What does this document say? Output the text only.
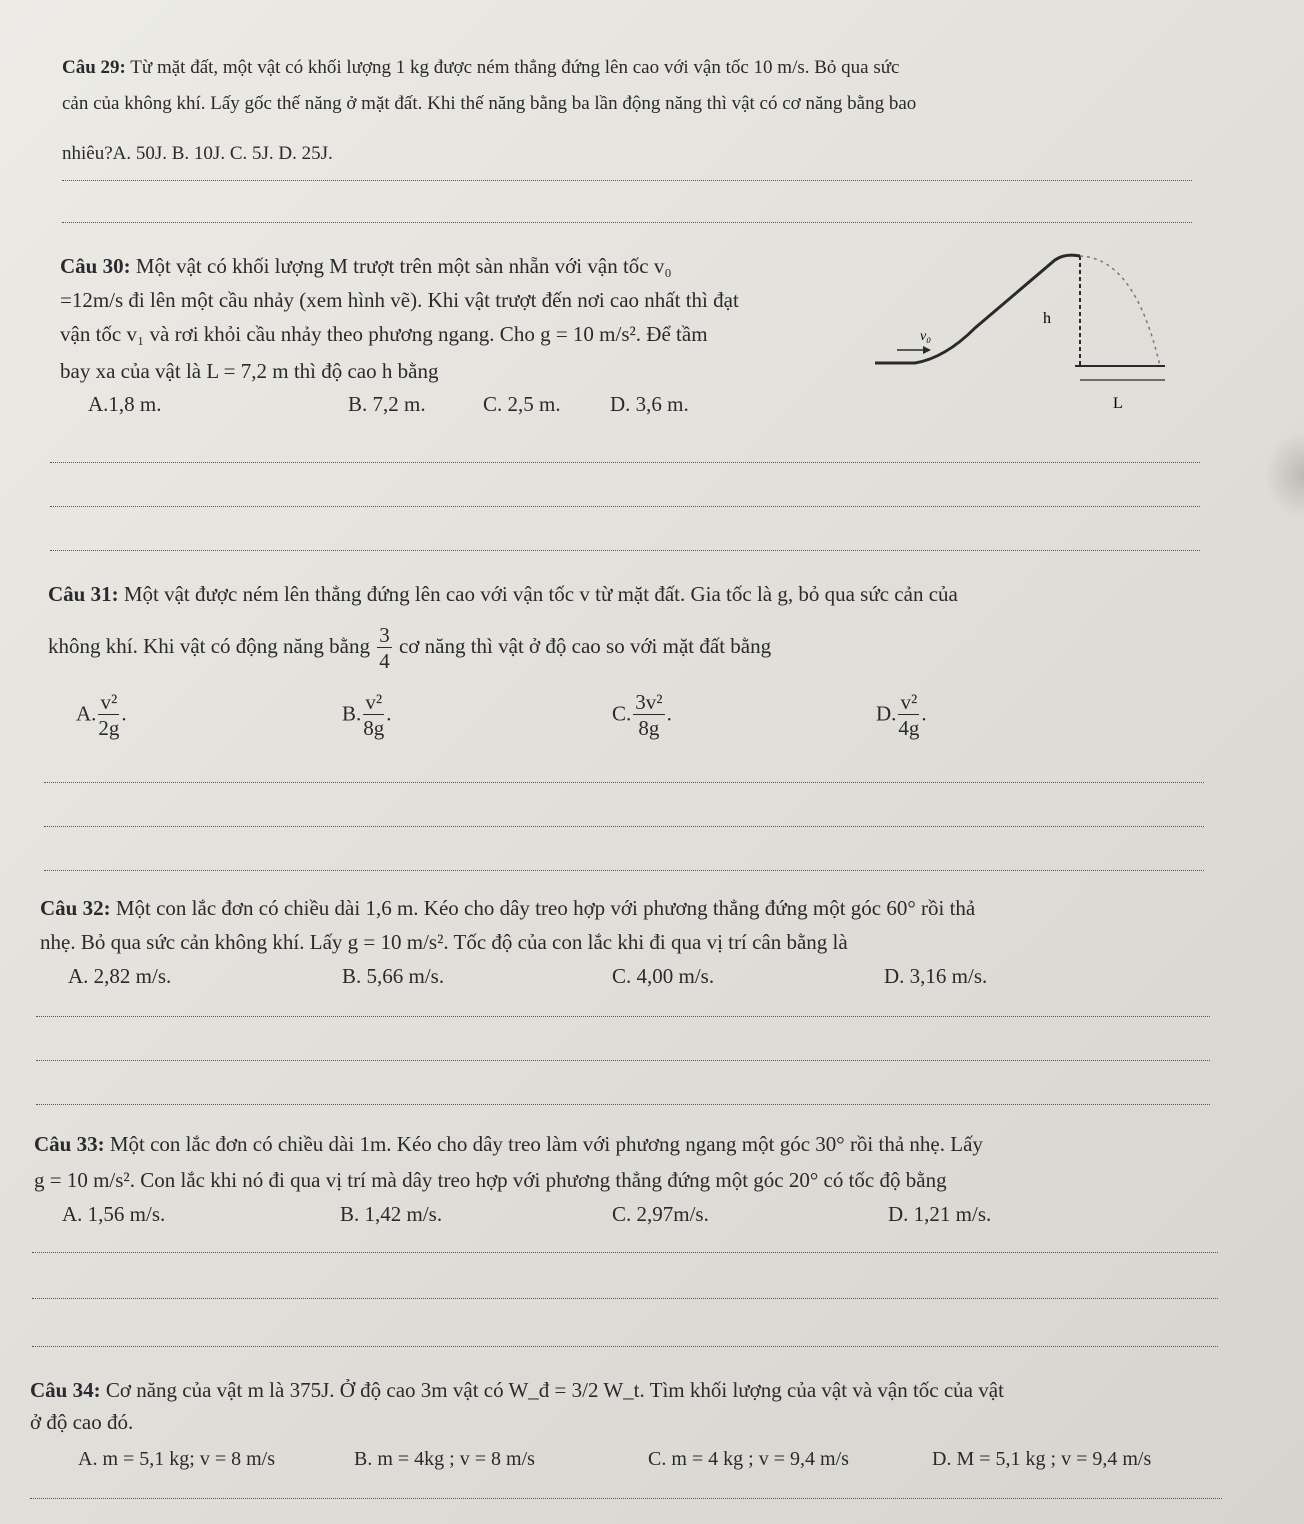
Câu 29: Từ mặt đất, một vật có khối lượng 1 kg được ném thẳng đứng lên cao với vận tốc 10 m/s. Bỏ qua sức
cản của không khí. Lấy gốc thế năng ở mặt đất. Khi thế năng bằng ba lần động năng thì vật có cơ năng bằng bao
nhiêu?A. 50J. B. 10J. C. 5J. D. 25J.
Câu 30: Một vật có khối lượng M trượt trên một sàn nhẵn với vận tốc v₀
=12m/s đi lên một cầu nhảy (xem hình vẽ). Khi vật trượt đến nơi cao nhất thì đạt
vận tốc v₁ và rơi khỏi cầu nhảy theo phương ngang. Cho g = 10 m/s². Để tầm
bay xa của vật là L = 7,2 m thì độ cao h bằng
A.1,8 m.	B. 7,2 m.	C. 2,5 m. D. 3,6 m.
h
v₀
L
Câu 31: Một vật được ném lên thẳng đứng lên cao với vận tốc v từ mặt đất. Gia tốc là g, bỏ qua sức cản của
không khí. Khi vật có động năng bằng $\frac{3}{4}$ cơ năng thì vật ở độ cao so với mặt đất bằng
A. $\frac{\text{v²}}{2g}$ .	B. $\frac{\text{v²}}{8g}$ .	C. $\frac{\text{3v²}}{8g}$ .	D. $\frac{\text{v²}}{4g}$ .
Câu 32: Một con lắc đơn có chiều dài 1,6 m. Kéo cho dây treo hợp với phương thẳng đứng một góc 60° rồi thả
nhẹ. Bỏ qua sức cản không khí. Lấy g = 10 m/s². Tốc độ của con lắc khi đi qua vị trí cân bằng là
A. 2,82 m/s.	B. 5,66 m/s.	C. 4,00 m/s.	D. 3,16 m/s.
Câu 33: Một con lắc đơn có chiều dài 1m. Kéo cho dây treo làm với phương ngang một góc 30° rồi thả nhẹ. Lấy
g = 10 m/s². Con lắc khi nó đi qua vị trí mà dây treo hợp với phương thẳng đứng một góc 20° có tốc độ bằng
A. 1,56 m/s.	B. 1,42 m/s.	C. 2,97m/s.	D. 1,21 m/s.
Câu 34: Cơ năng của vật m là 375J. Ở độ cao 3m vật có W_đ = 3/2 W_t. Tìm khối lượng của vật và vận tốc của vật
ở độ cao đó.
A. m = 5,1 kg; v = 8 m/s	B. m = 4kg ; v = 8 m/s	C. m = 4 kg ; v = 9,4 m/s	D. M = 5,1 kg ; v = 9,4 m/s
